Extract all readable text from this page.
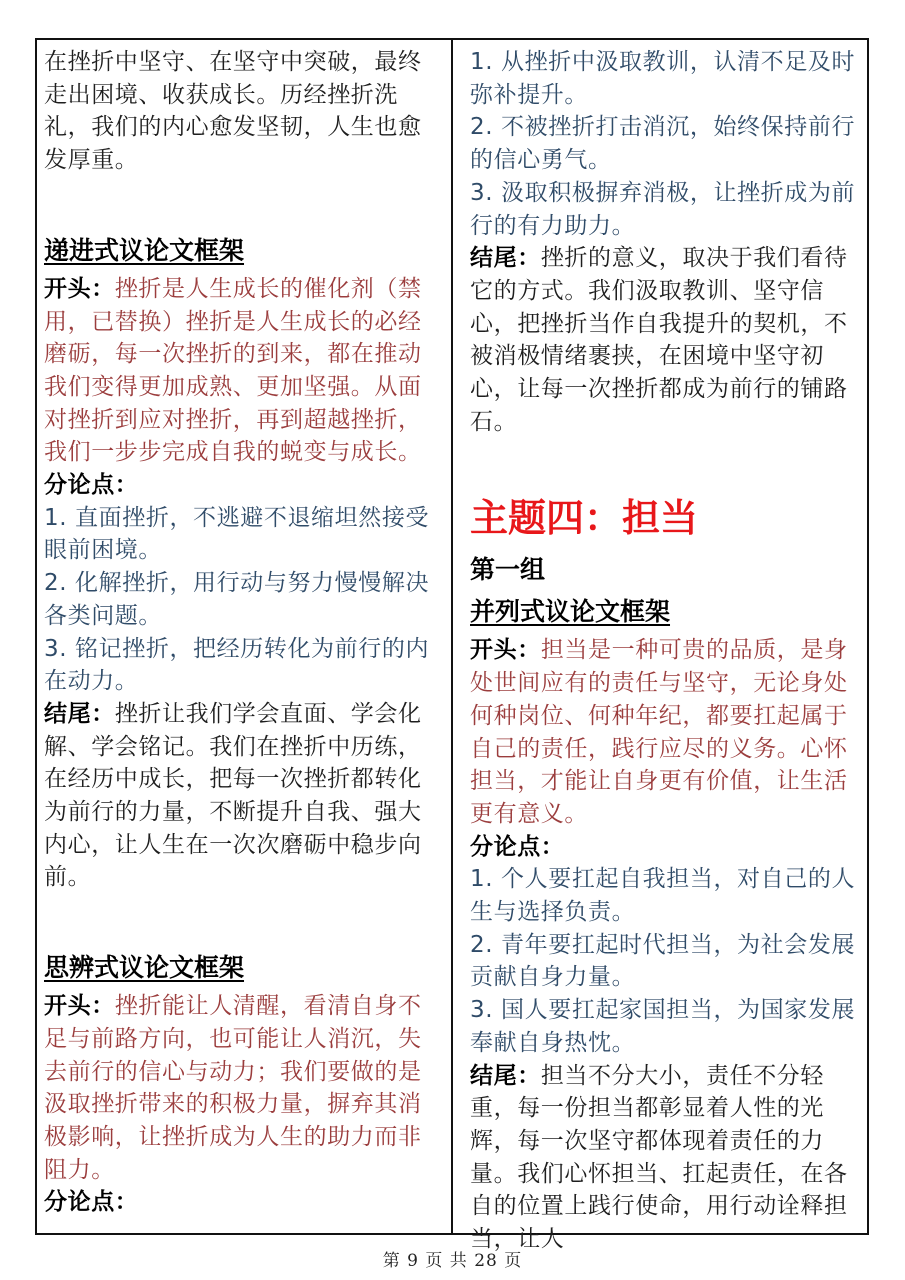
在挫折中坚守、在坚守中突破，最终走出困境、收获成长。历经挫折洗礼，我们的内心愈发坚韧，人生也愈发厚重。

递进式议论文框架

开头：挫折是人生成长的催化剂（禁用，已替换）挫折是人生成长的必经磨砺，每一次挫折的到来，都在推动我们变得更加成熟、更加坚强。从面对挫折到应对挫折，再到超越挫折，我们一步步完成自我的蜕变与成长。

分论点：

1. 直面挫折，不逃避不退缩坦然接受眼前困境。

2. 化解挫折，用行动与努力慢慢解决各类问题。

3. 铭记挫折，把经历转化为前行的内在动力。

结尾：挫折让我们学会直面、学会化解、学会铭记。我们在挫折中历练，在经历中成长，把每一次挫折都转化为前行的力量，不断提升自我、强大内心，让人生在一次次磨砺中稳步向前。

思辨式议论文框架

开头：挫折能让人清醒，看清自身不足与前路方向，也可能让人消沉，失去前行的信心与动力；我们要做的是汲取挫折带来的积极力量，摒弃其消极影响，让挫折成为人生的助力而非阻力。

分论点：

1. 从挫折中汲取教训，认清不足及时弥补提升。

2. 不被挫折打击消沉，始终保持前行的信心勇气。

3. 汲取积极摒弃消极，让挫折成为前行的有力助力。

结尾：挫折的意义，取决于我们看待它的方式。我们汲取教训、坚守信心，把挫折当作自我提升的契机，不被消极情绪裹挟，在困境中坚守初心，让每一次挫折都成为前行的铺路石。

主题四：担当
第一组
并列式议论文框架

开头：担当是一种可贵的品质，是身处世间应有的责任与坚守，无论身处何种岗位、何种年纪，都要扛起属于自己的责任，践行应尽的义务。心怀担当，才能让自身更有价值，让生活更有意义。

分论点：

1. 个人要扛起自我担当，对自己的人生与选择负责。

2. 青年要扛起时代担当，为社会发展贡献自身力量。

3. 国人要扛起家国担当，为国家发展奉献自身热忱。

结尾：担当不分大小，责任不分轻重，每一份担当都彰显着人性的光辉，每一次坚守都体现着责任的力量。我们心怀担当、扛起责任，在各自的位置上践行使命，用行动诠释担当，让人

第 9 页 共 28 页
